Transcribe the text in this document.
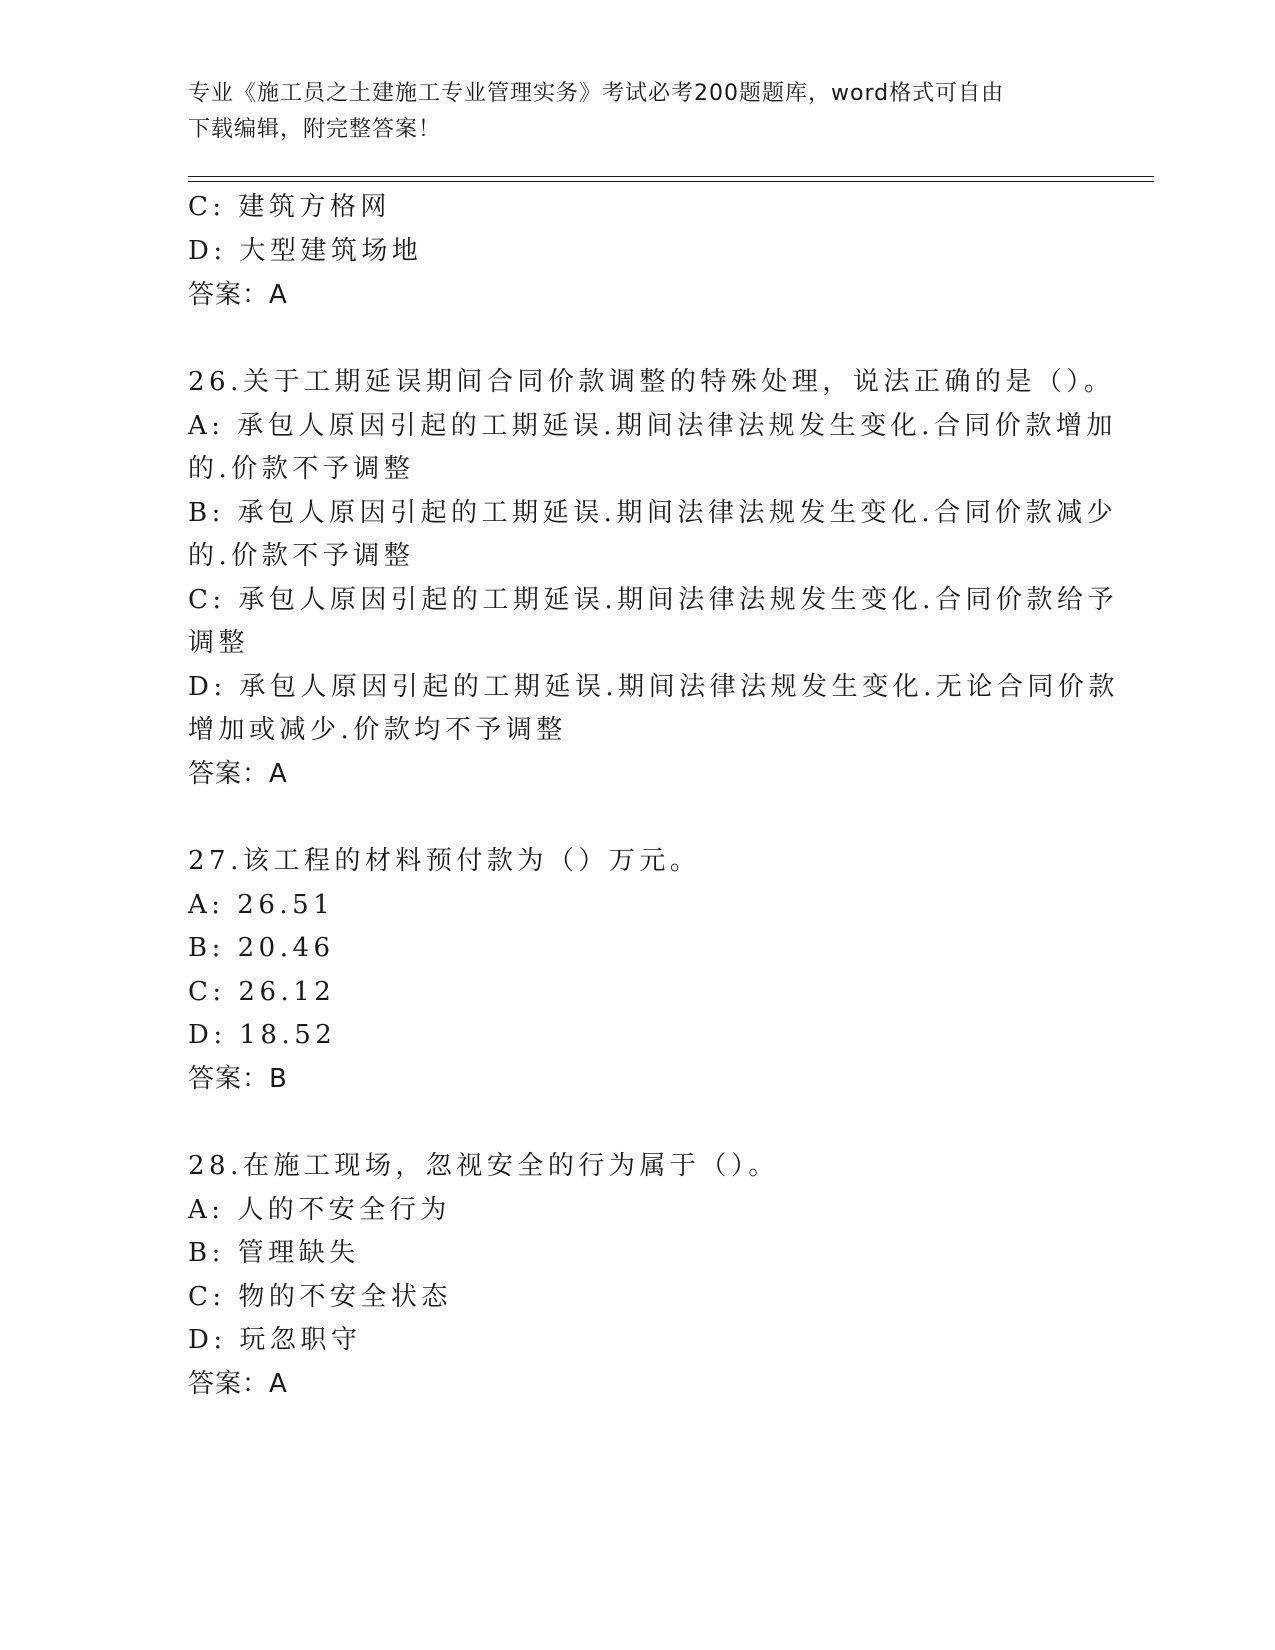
专业《施工员之土建施工专业管理实务》考试必考200题题库，word格式可自由
下载编辑，附完整答案！
C: 建筑方格网
D: 大型建筑场地
答案：A
26.关于工期延误期间合同价款调整的特殊处理，说法正确的是（）。
A: 承包人原因引起的工期延误.期间法律法规发生变化.合同价款增加
的.价款不予调整
B: 承包人原因引起的工期延误.期间法律法规发生变化.合同价款减少
的.价款不予调整
C: 承包人原因引起的工期延误.期间法律法规发生变化.合同价款给予
调整
D: 承包人原因引起的工期延误.期间法律法规发生变化.无论合同价款
增加或减少.价款均不予调整
答案：A
27.该工程的材料预付款为（）万元。
A: 26.51
B: 20.46
C: 26.12
D: 18.52
答案：B
28.在施工现场，忽视安全的行为属于（）。
A: 人的不安全行为
B: 管理缺失
C: 物的不安全状态
D: 玩忽职守
答案：A
